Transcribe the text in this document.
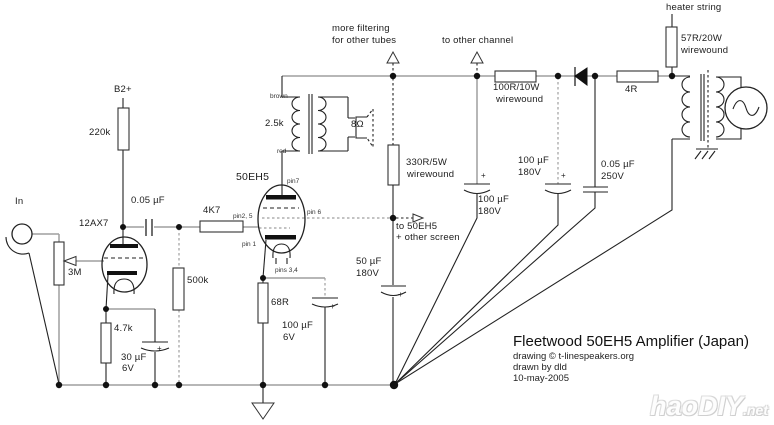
B2+
220k
In	0.05 µF
12AX7
3M
4K7
500k
4.7k
30 µF
6V
+
50EH5	pin7
pin 6
pin2, 5
pin 1
pins 3,4
68R
100 µF
6V
+
50 µF
180V
+
330R/5W
wirewound
to 50EH5
+ other screen
brown
red
2.5k	8Ω
more filtering
for other tubes	to other channel
100R/10W
wirewound
100 µF
180V
+
100 µF
180V	+
0.05 µF
250V
4R
heater string
57R/20W
wirewound
Fleetwood 50EH5 Amplifier (Japan)
drawing © t-linespeakers.org
drawn by dld
10-may-2005
haoDIY.net
